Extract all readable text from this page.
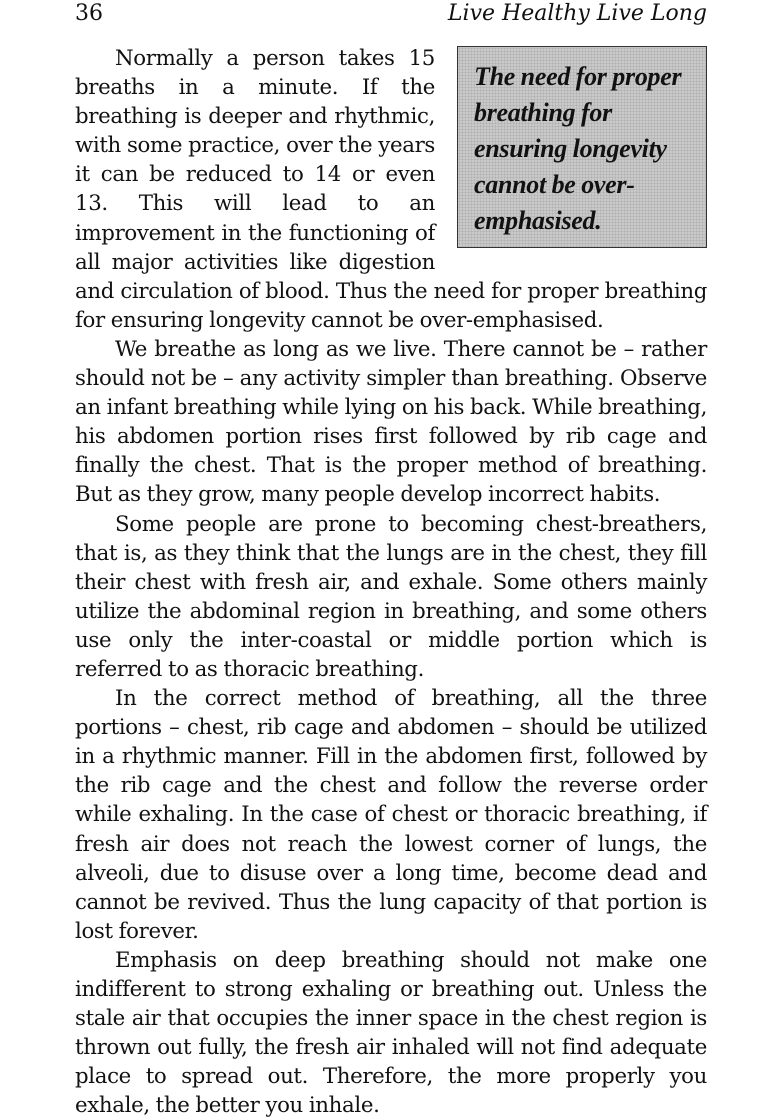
36	Live Healthy Live Long
The need for proper breathing for ensuring longevity cannot be over-emphasised.

Normally a person takes 15 breaths in a minute. If the breathing is deeper and rhythmic, with some practice, over the years it can be reduced to 14 or even 13. This will lead to an improvement in the functioning of all major activities like digestion and circulation of blood. Thus the need for proper breathing for ensuring longevity cannot be over-emphasised.

We breathe as long as we live. There cannot be – rather should not be – any activity simpler than breathing. Observe an infant breathing while lying on his back. While breathing, his abdomen portion rises first followed by rib cage and finally the chest. That is the proper method of breathing. But as they grow, many people develop incorrect habits.

Some people are prone to becoming chest-breathers, that is, as they think that the lungs are in the chest, they fill their chest with fresh air, and exhale. Some others mainly utilize the abdominal region in breathing, and some others use only the inter-coastal or middle portion which is referred to as thoracic breathing.

In the correct method of breathing, all the three portions – chest, rib cage and abdomen – should be utilized in a rhythmic manner. Fill in the abdomen first, followed by the rib cage and the chest and follow the reverse order while exhaling. In the case of chest or thoracic breathing, if fresh air does not reach the lowest corner of lungs, the alveoli, due to disuse over a long time, become dead and cannot be revived. Thus the lung capacity of that portion is lost forever.

Emphasis on deep breathing should not make one indifferent to strong exhaling or breathing out. Unless the stale air that occupies the inner space in the chest region is thrown out fully, the fresh air inhaled will not find adequate place to spread out. Therefore, the more properly you exhale, the better you inhale.
